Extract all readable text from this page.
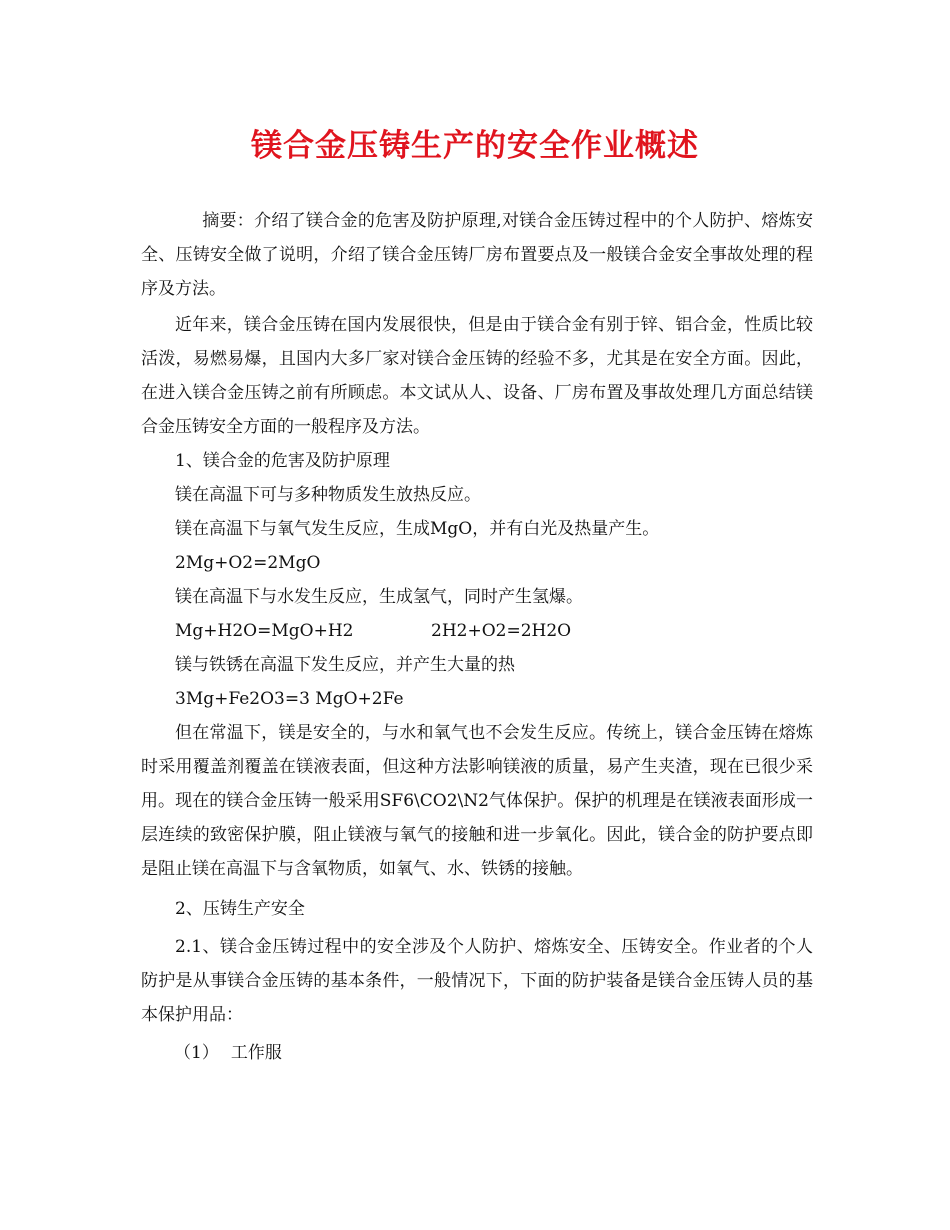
镁合金压铸生产的安全作业概述

摘要：介绍了镁合金的危害及防护原理,对镁合金压铸过程中的个人防护、熔炼安全、压铸安全做了说明，介绍了镁合金压铸厂房布置要点及一般镁合金安全事故处理的程序及方法。

近年来，镁合金压铸在国内发展很快，但是由于镁合金有别于锌、铝合金，性质比较活泼，易燃易爆，且国内大多厂家对镁合金压铸的经验不多，尤其是在安全方面。因此，在进入镁合金压铸之前有所顾虑。本文试从人、设备、厂房布置及事故处理几方面总结镁合金压铸安全方面的一般程序及方法。

1、镁合金的危害及防护原理

镁在高温下可与多种物质发生放热反应。

镁在高温下与氧气发生反应，生成MgO，并有白光及热量产生。

2Mg+O2=2MgO

镁在高温下与水发生反应，生成氢气，同时产生氢爆。

Mg+H2O=MgO+H2	2H2+O2=2H2O

镁与铁锈在高温下发生反应，并产生大量的热

3Mg+Fe2O3=3 MgO+2Fe

但在常温下，镁是安全的，与水和氧气也不会发生反应。传统上，镁合金压铸在熔炼时采用覆盖剂覆盖在镁液表面，但这种方法影响镁液的质量，易产生夹渣，现在已很少采用。现在的镁合金压铸一般采用SF6\CO2\N2气体保护。保护的机理是在镁液表面形成一层连续的致密保护膜，阻止镁液与氧气的接触和进一步氧化。因此，镁合金的防护要点即是阻止镁在高温下与含氧物质，如氧气、水、铁锈的接触。

2、压铸生产安全

2.1、镁合金压铸过程中的安全涉及个人防护、熔炼安全、压铸安全。作业者的个人防护是从事镁合金压铸的基本条件，一般情况下，下面的防护装备是镁合金压铸人员的基本保护用品：

（1） 工作服
